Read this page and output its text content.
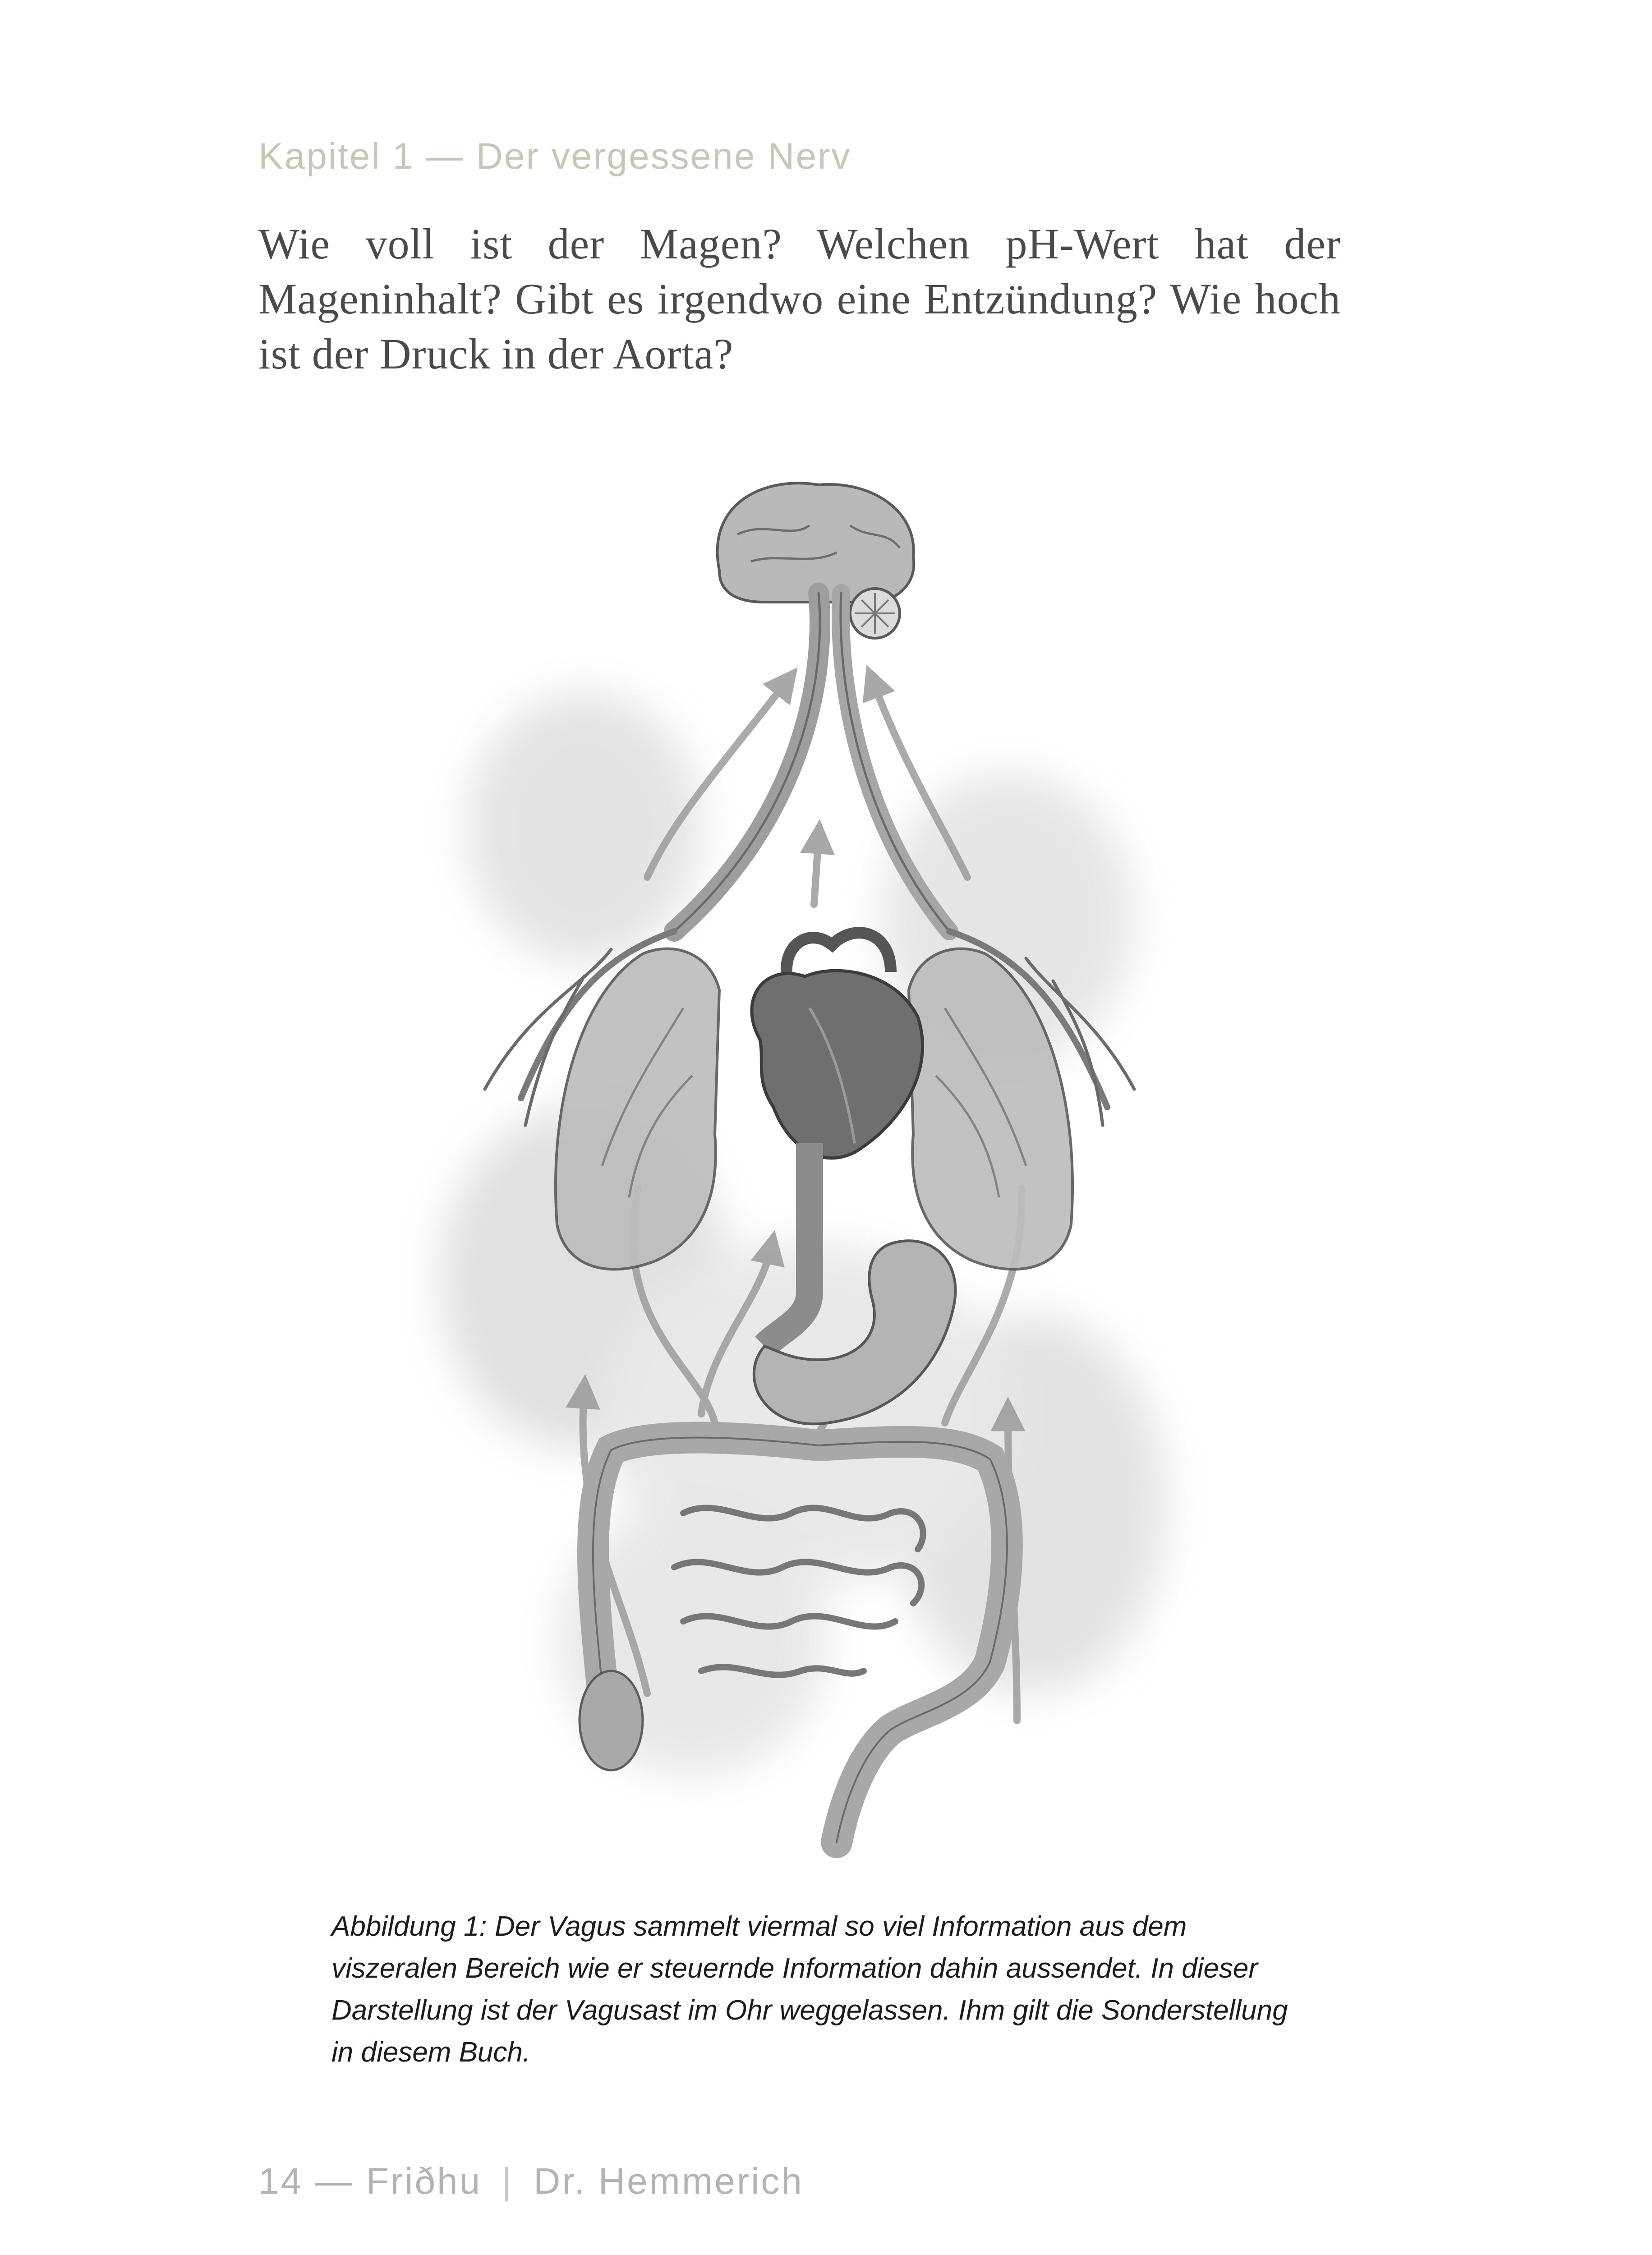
Kapitel 1 — Der vergessene Nerv

Wie voll ist der Magen? Welchen pH-Wert hat der Mageninhalt? Gibt es irgendwo eine Entzündung? Wie hoch ist der Druck in der Aorta?

Abbildung 1: Der Vagus sammelt viermal so viel Information aus dem viszeralen Bereich wie er steuernde Information dahin aussendet. In dieser Darstellung ist der Vagusast im Ohr weggelassen. Ihm gilt die Sonderstellung in diesem Buch.

14 — Friðhu | Dr. Hemmerich
